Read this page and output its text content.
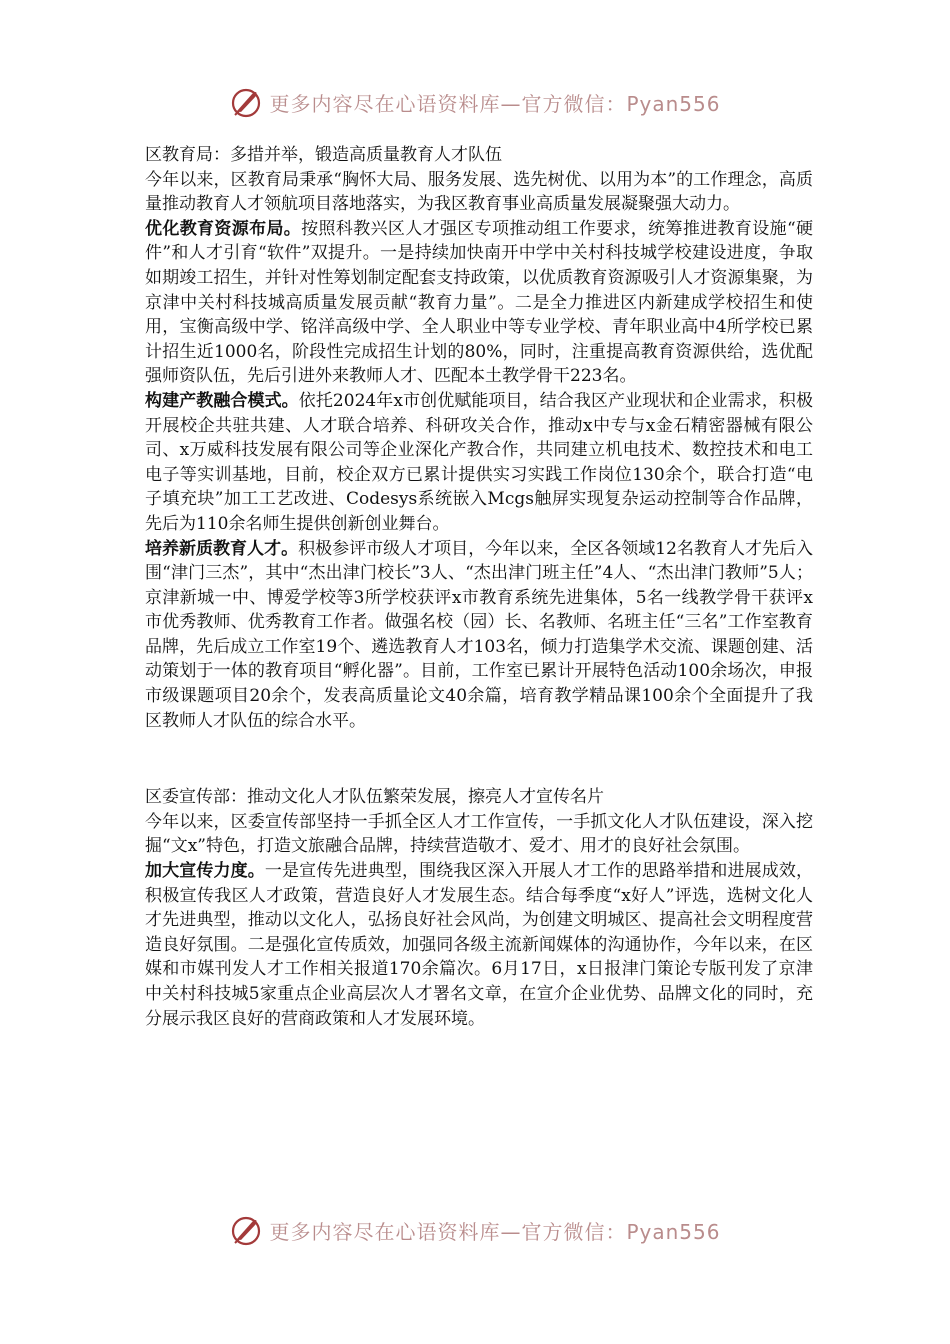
更多内容尽在心语资料库—官方微信：Pyan556

区教育局：多措并举，锻造高质量教育人才队伍

今年以来，区教育局秉承“胸怀大局、服务发展、选先树优、以用为本”的工作理念，高质量推动教育人才领航项目落地落实，为我区教育事业高质量发展凝聚强大动力。

优化教育资源布局。按照科教兴区人才强区专项推动组工作要求，统筹推进教育设施“硬件”和人才引育“软件”双提升。一是持续加快南开中学中关村科技城学校建设进度，争取如期竣工招生，并针对性筹划制定配套支持政策，以优质教育资源吸引人才资源集聚，为京津中关村科技城高质量发展贡献“教育力量”。二是全力推进区内新建成学校招生和使用，宝衡高级中学、铭洋高级中学、全人职业中等专业学校、青年职业高中4所学校已累计招生近1000名，阶段性完成招生计划的80%，同时，注重提高教育资源供给，选优配强师资队伍，先后引进外来教师人才、匹配本土教学骨干223名。

构建产教融合模式。依托2024年x市创优赋能项目，结合我区产业现状和企业需求，积极开展校企共驻共建、人才联合培养、科研攻关合作，推动x中专与x金石精密器械有限公司、x万威科技发展有限公司等企业深化产教合作，共同建立机电技术、数控技术和电工电子等实训基地，目前，校企双方已累计提供实习实践工作岗位130余个，联合打造“电子填充块”加工工艺改进、Codesys系统嵌入Mcgs触屏实现复杂运动控制等合作品牌，先后为110余名师生提供创新创业舞台。

培养新质教育人才。积极参评市级人才项目，今年以来，全区各领域12名教育人才先后入围“津门三杰”，其中“杰出津门校长”3人、“杰出津门班主任”4人、“杰出津门教师”5人；京津新城一中、博爱学校等3所学校获评x市教育系统先进集体，5名一线教学骨干获评x市优秀教师、优秀教育工作者。做强名校（园）长、名教师、名班主任“三名”工作室教育品牌，先后成立工作室19个、遴选教育人才103名，倾力打造集学术交流、课题创建、活动策划于一体的教育项目“孵化器”。目前，工作室已累计开展特色活动100余场次，申报市级课题项目20余个，发表高质量论文40余篇，培育教学精品课100余个全面提升了我区教师人才队伍的综合水平。

区委宣传部：推动文化人才队伍繁荣发展，擦亮人才宣传名片

今年以来，区委宣传部坚持一手抓全区人才工作宣传，一手抓文化人才队伍建设，深入挖掘“文x”特色，打造文旅融合品牌，持续营造敬才、爱才、用才的良好社会氛围。

加大宣传力度。一是宣传先进典型，围绕我区深入开展人才工作的思路举措和进展成效，积极宣传我区人才政策，营造良好人才发展生态。结合每季度“x好人”评选，选树文化人才先进典型，推动以文化人，弘扬良好社会风尚，为创建文明城区、提高社会文明程度营造良好氛围。二是强化宣传质效，加强同各级主流新闻媒体的沟通协作，今年以来，在区媒和市媒刊发人才工作相关报道170余篇次。6月17日，x日报津门策论专版刊发了京津中关村科技城5家重点企业高层次人才署名文章，在宣介企业优势、品牌文化的同时，充分展示我区良好的营商政策和人才发展环境。

更多内容尽在心语资料库—官方微信：Pyan556
